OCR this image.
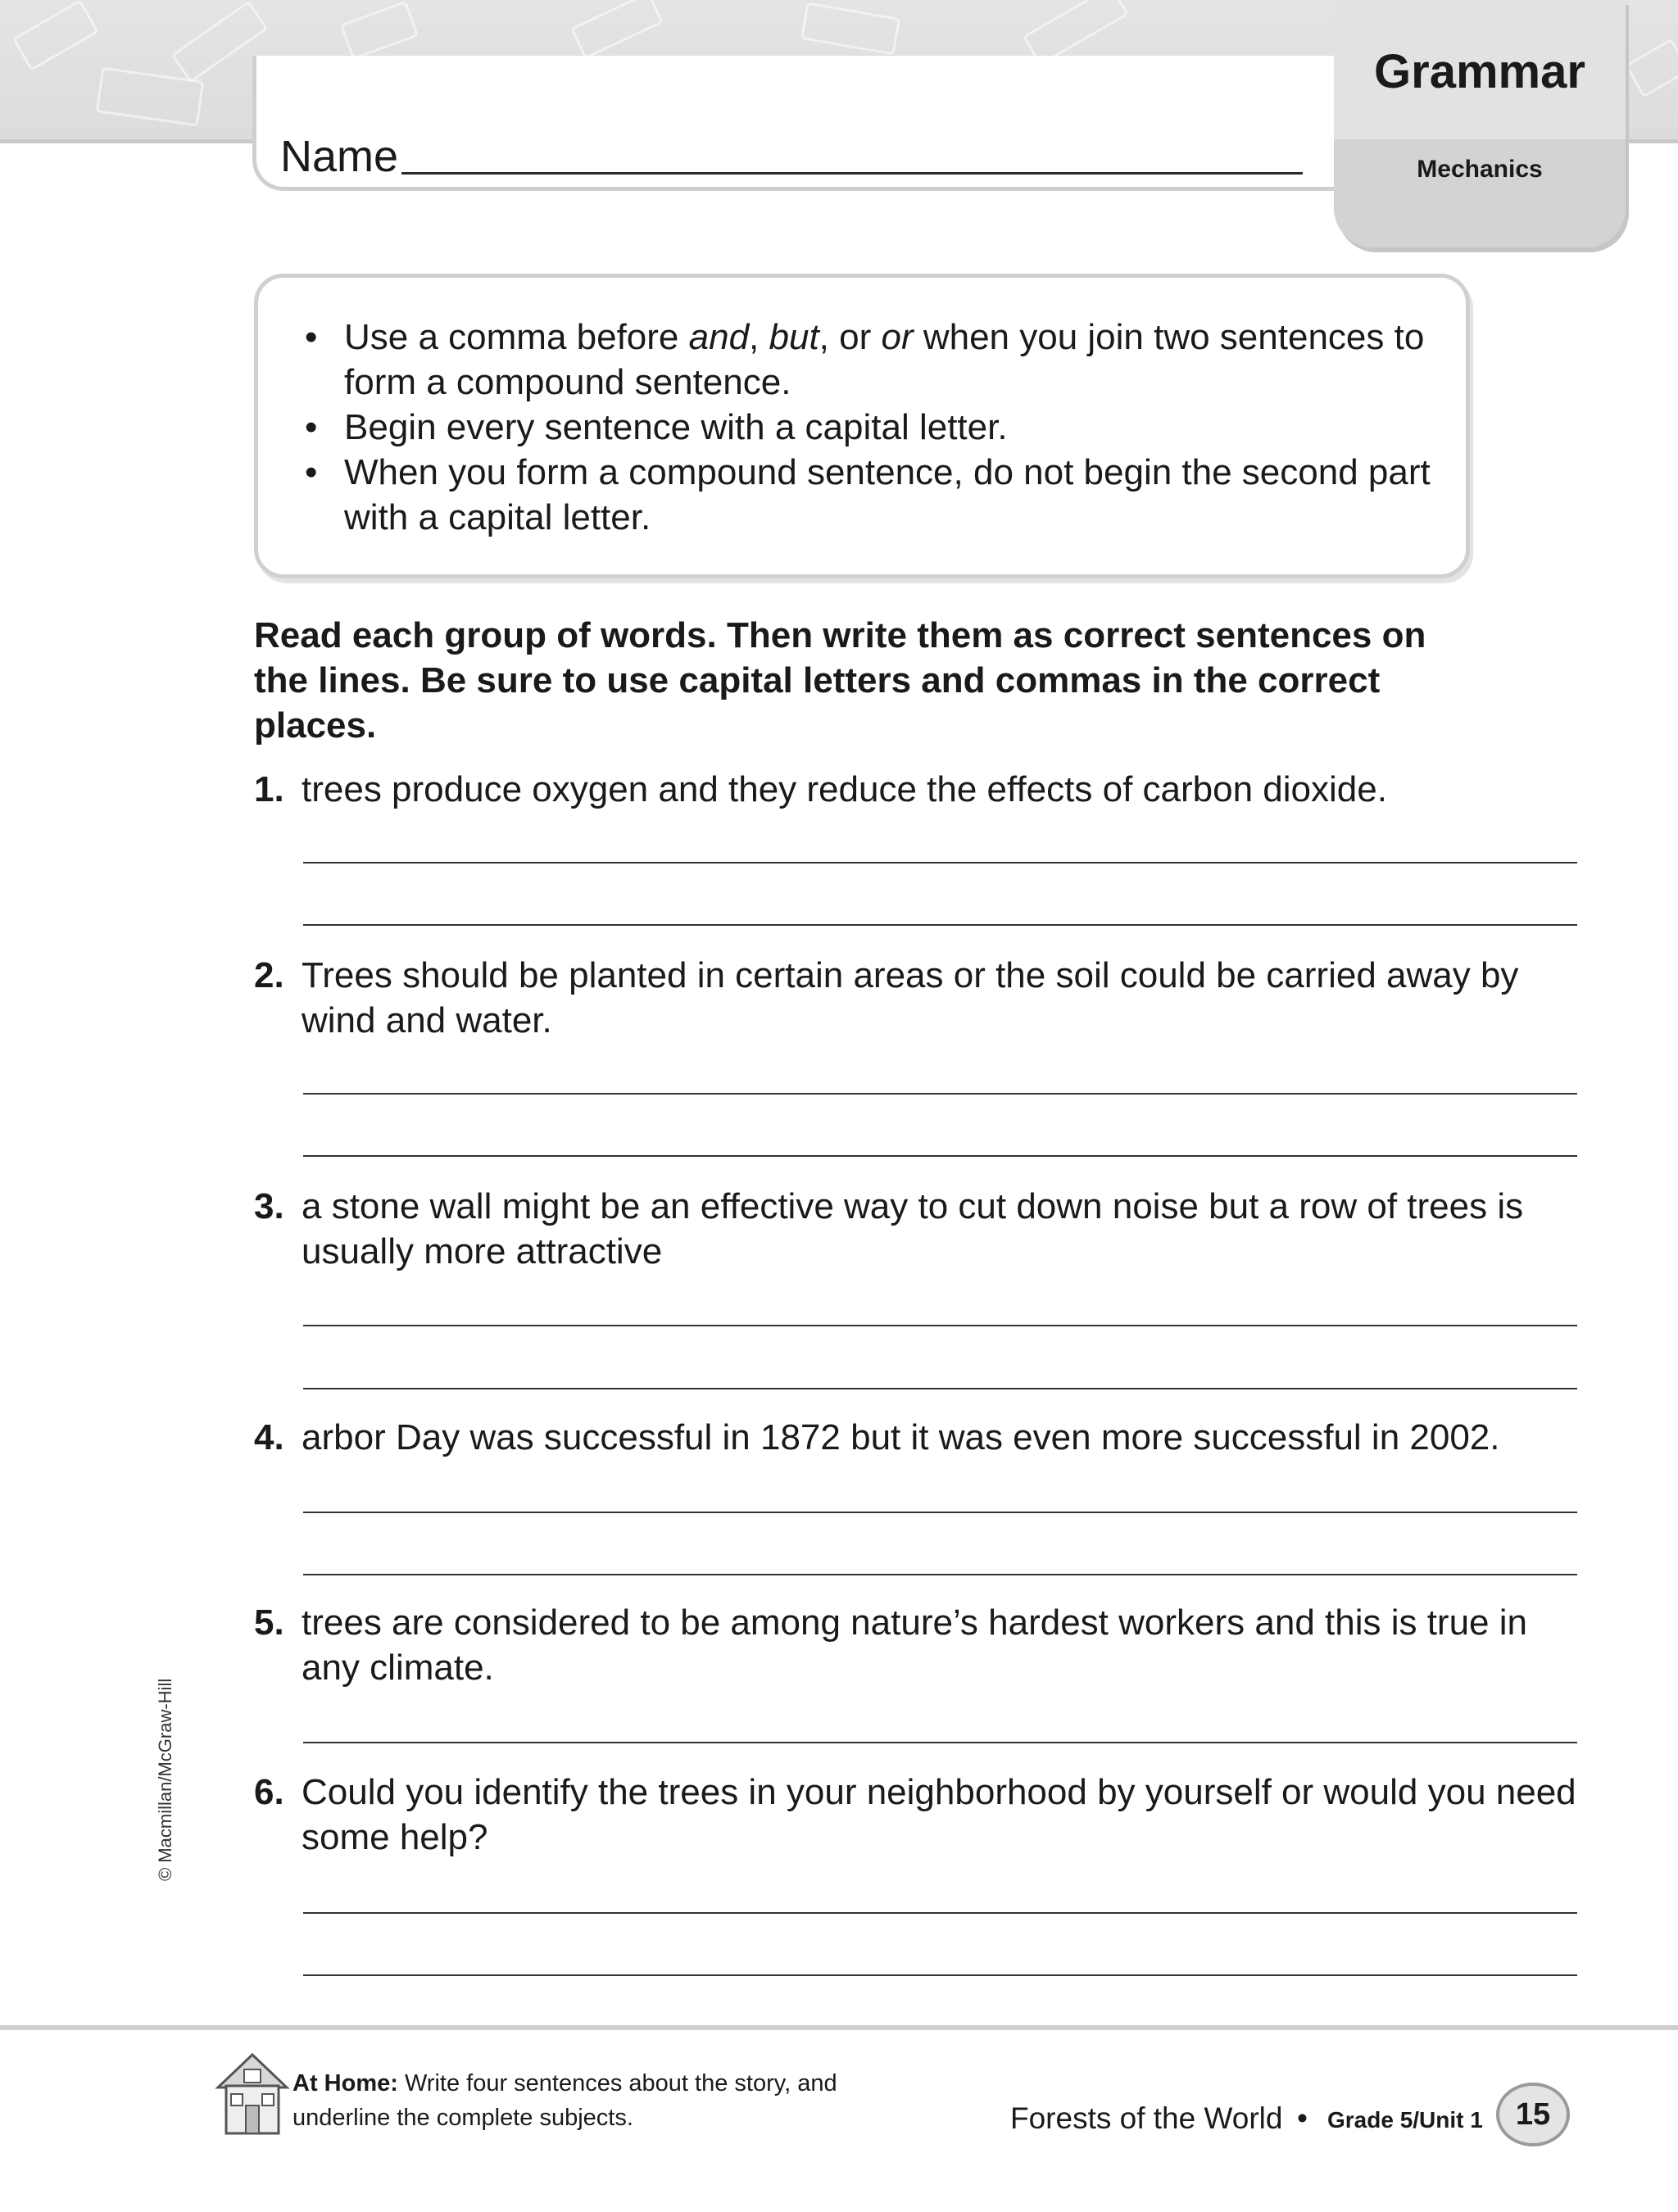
Name
Grammar
Mechanics
• Use a comma before and, but, or or when you join two sentences to form a compound sentence.
• Begin every sentence with a capital letter.
• When you form a compound sentence, do not begin the second part with a capital letter.
Read each group of words. Then write them as correct sentences on the lines. Be sure to use capital letters and commas in the correct places.
1. trees produce oxygen and they reduce the effects of carbon dioxide.
2. Trees should be planted in certain areas or the soil could be carried away by wind and water.
3. a stone wall might be an effective way to cut down noise but a row of trees is usually more attractive
4. arbor Day was successful in 1872 but it was even more successful in 2002.
5. trees are considered to be among nature’s hardest workers and this is true in any climate.
6. Could you identify the trees in your neighborhood by yourself or would you need some help?
© Macmillan/McGraw-Hill
At Home: Write four sentences about the story, and underline the complete subjects.	Forests of the World • Grade 5/Unit 1	15
